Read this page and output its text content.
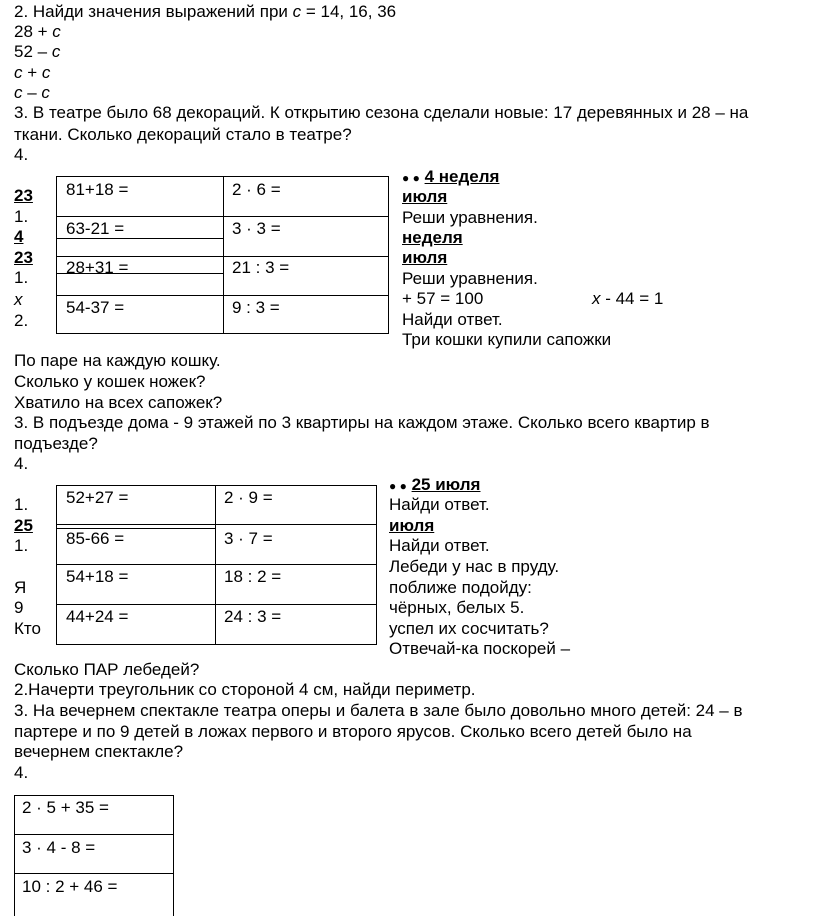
2. Найди значения выражений при с = 14, 16, 36
28 + с
52 – с
с + с
с – с
3. В театре было 68 декораций. К открытию сезона сделали новые: 17 деревянных и 28 – на
ткани. Сколько декораций стало в театре?
4.
23
1.
4
23
1.
х
2.
81+18 =	2 · 6 =
63-21 =	3 · 3 =
28+31 =	21 : 3 =
54-37 =	9 : 3 =
● ● 4 неделя
июля
Реши уравнения.
неделя
июля
Реши уравнения.
+ 57 = 100	х - 44 = 1
Найди ответ.
Три кошки купили сапожки
По паре на каждую кошку.
Сколько у кошек ножек?
Хватило на всех сапожек?
3. В подъезде дома - 9 этажей по 3 квартиры на каждом этаже. Сколько всего квартир в
подъезде?
4.
1.
25
1.
Я
9
Кто
52+27 =	2 · 9 =
85-66 =	3 · 7 =
54+18 =	18 : 2 =
44+24 =	24 : 3 =
● ● 25 июля
Найди ответ.
июля
Найди ответ.
Лебеди у нас в пруду.
поближе подойду:
чёрных, белых 5.
успел их сосчитать?
Отвечай-ка поскорей –
Сколько ПАР лебедей?
2.Начерти треугольник со стороной 4 см, найди периметр.
3. На вечернем спектакле театра оперы и балета в зале было довольно много детей: 24 – в
партере и по 9 детей в ложах первого и второго ярусов. Сколько всего детей было на
вечернем спектакле?
4.
2 · 5 + 35 =
3 · 4 - 8 =
10 : 2 + 46 =
